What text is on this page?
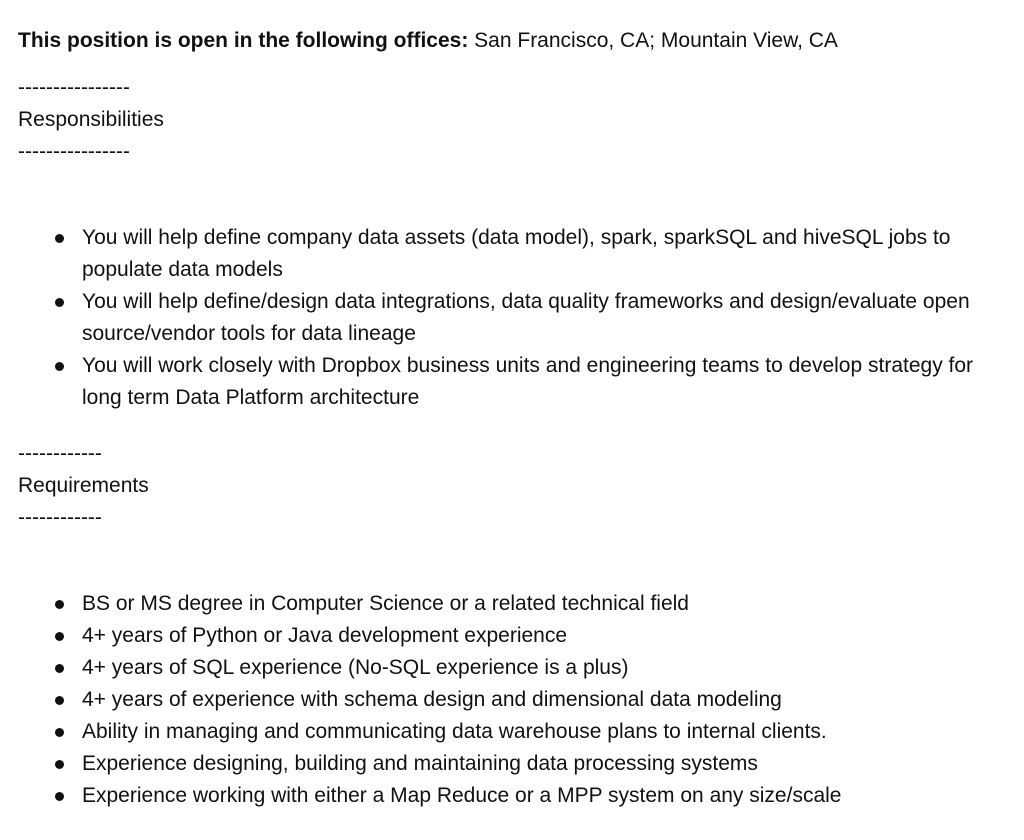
This position is open in the following offices: San Francisco, CA; Mountain View, CA

----------------

Responsibilities

----------------

You will help define company data assets (data model), spark, sparkSQL and hiveSQL jobs to populate data models
You will help define/design data integrations, data quality frameworks and design/evaluate open source/vendor tools for data lineage
You will work closely with Dropbox business units and engineering teams to develop strategy for long term Data Platform architecture

------------

Requirements

------------

BS or MS degree in Computer Science or a related technical field
4+ years of Python or Java development experience
4+ years of SQL experience (No-SQL experience is a plus)
4+ years of experience with schema design and dimensional data modeling
Ability in managing and communicating data warehouse plans to internal clients.
Experience designing, building and maintaining data processing systems
Experience working with either a Map Reduce or a MPP system on any size/scale
